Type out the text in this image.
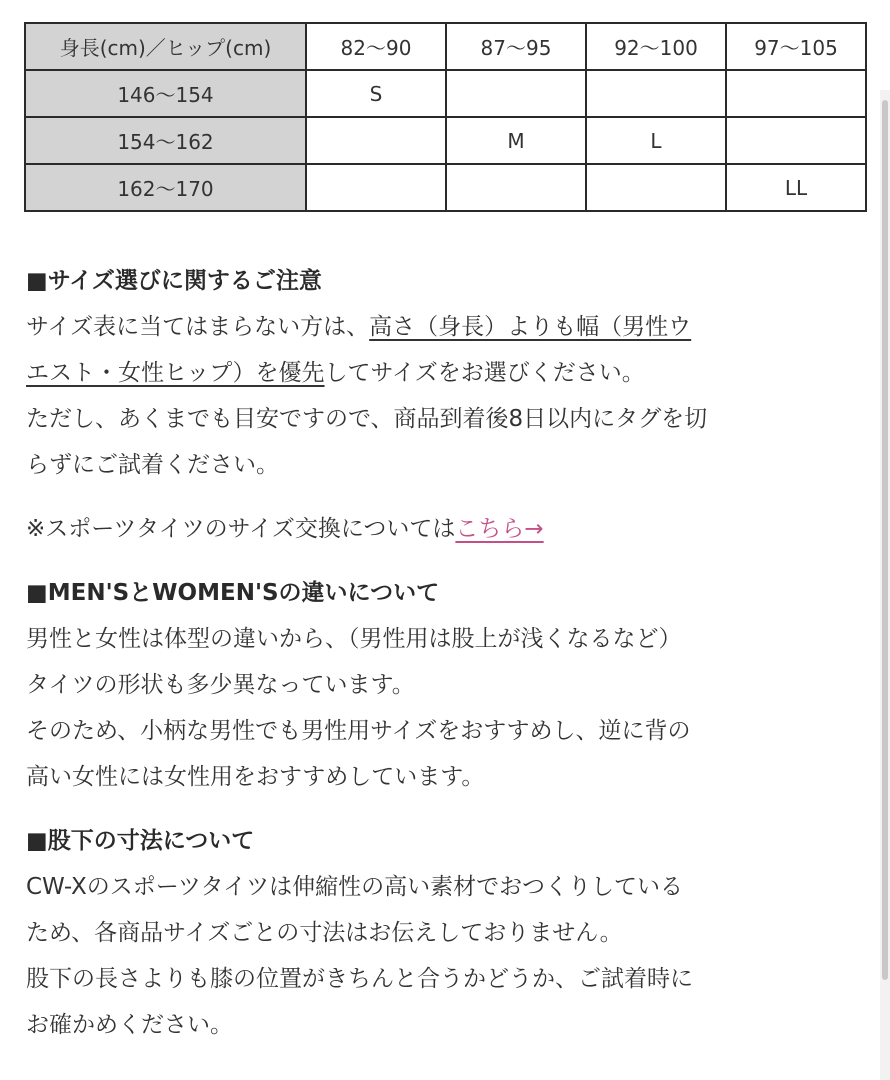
身長(cm)／ヒップ(cm)	82〜90	87〜95	92〜100	97〜105
146〜154	S			
154〜162		M	L	
162〜170				LL

■サイズ選びに関するご注意

サイズ表に当てはまらない方は、高さ（身長）よりも幅（男性ウ

エスト・女性ヒップ）を優先してサイズをお選びください。

ただし、あくまでも目安ですので、商品到着後8日以内にタグを切

らずにご試着ください。

※スポーツタイツのサイズ交換についてはこちら→

■MEN'SとWOMEN'Sの違いについて

男性と女性は体型の違いから、（男性用は股上が浅くなるなど）

タイツの形状も多少異なっています。

そのため、小柄な男性でも男性用サイズをおすすめし、逆に背の

高い女性には女性用をおすすめしています。

■股下の寸法について

CW-Xのスポーツタイツは伸縮性の高い素材でおつくりしている

ため、各商品サイズごとの寸法はお伝えしておりません。

股下の長さよりも膝の位置がきちんと合うかどうか、ご試着時に

お確かめください。
